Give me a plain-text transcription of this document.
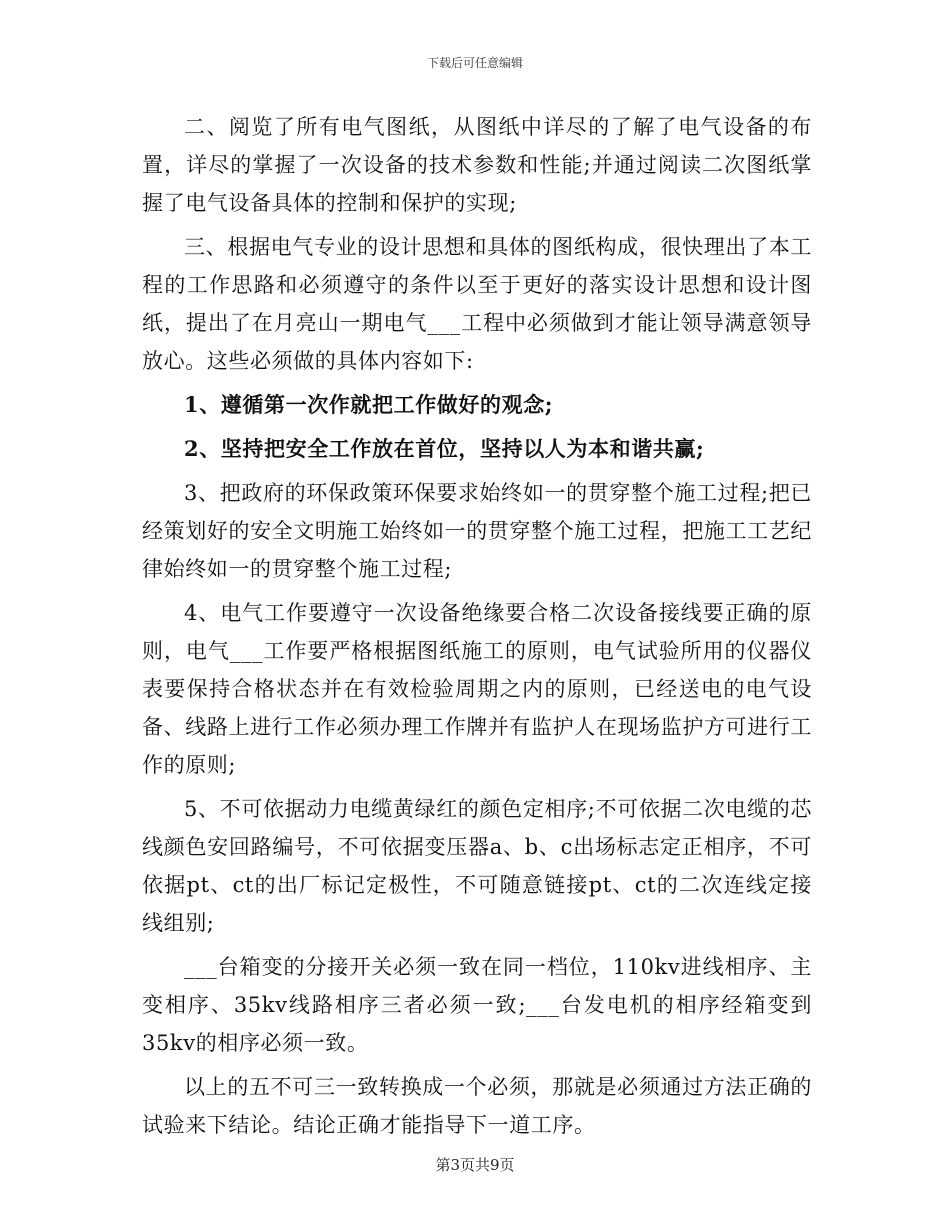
下载后可任意编辑

二、阅览了所有电气图纸，从图纸中详尽的了解了电气设备的布置，详尽的掌握了一次设备的技术参数和性能;并通过阅读二次图纸掌握了电气设备具体的控制和保护的实现;

三、根据电气专业的设计思想和具体的图纸构成，很快理出了本工程的工作思路和必须遵守的条件以至于更好的落实设计思想和设计图纸，提出了在月亮山一期电气___工程中必须做到才能让领导满意领导放心。这些必须做的具体内容如下:

1、遵循第一次作就把工作做好的观念;

2、坚持把安全工作放在首位，坚持以人为本和谐共赢;

3、把政府的环保政策环保要求始终如一的贯穿整个施工过程;把已经策划好的安全文明施工始终如一的贯穿整个施工过程，把施工工艺纪律始终如一的贯穿整个施工过程;

4、电气工作要遵守一次设备绝缘要合格二次设备接线要正确的原则，电气___工作要严格根据图纸施工的原则，电气试验所用的仪器仪表要保持合格状态并在有效检验周期之内的原则，已经送电的电气设备、线路上进行工作必须办理工作牌并有监护人在现场监护方可进行工作的原则;

5、不可依据动力电缆黄绿红的颜色定相序;不可依据二次电缆的芯线颜色安回路编号，不可依据变压器a、b、c出场标志定正相序，不可依据pt、ct的出厂标记定极性，不可随意链接pt、ct的二次连线定接线组别;

___台箱变的分接开关必须一致在同一档位，110kv进线相序、主变相序、35kv线路相序三者必须一致;___台发电机的相序经箱变到35kv的相序必须一致。

以上的五不可三一致转换成一个必须，那就是必须通过方法正确的试验来下结论。结论正确才能指导下一道工序。

第3页共9页
